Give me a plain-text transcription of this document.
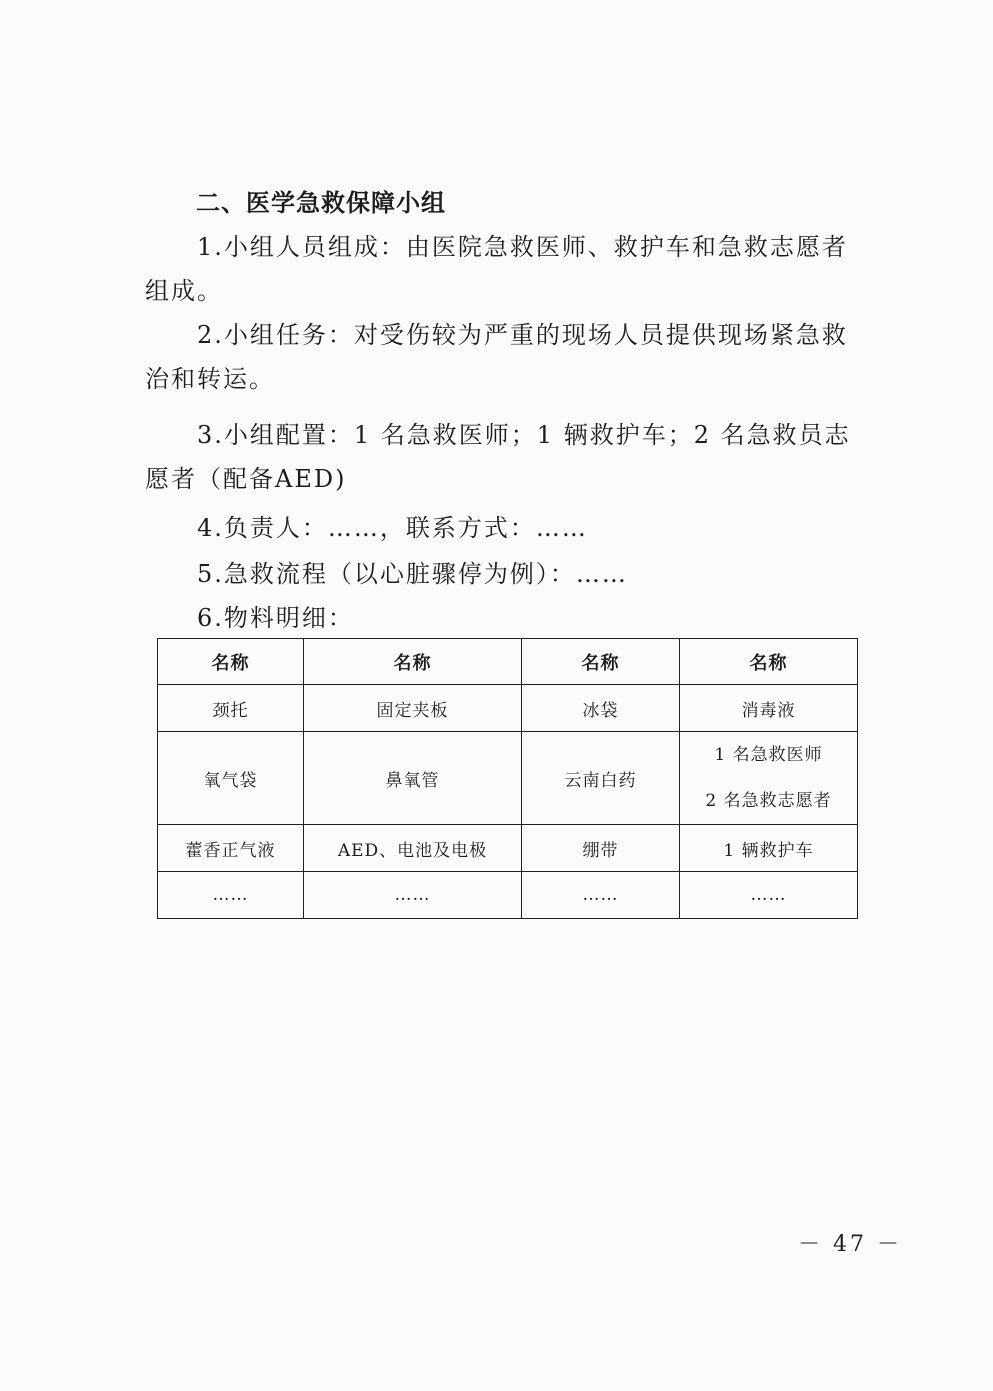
二、医学急救保障小组
1.小组人员组成：由医院急救医师、救护车和急救志愿者组成。
2.小组任务：对受伤较为严重的现场人员提供现场紧急救治和转运。
3.小组配置：1 名急救医师；1 辆救护车；2 名急救员志愿者（配备AED)
4.负责人：……，联系方式：……
5.急救流程（以心脏骤停为例）：……
6.物料明细：
名称	名称	名称	名称
颈托	固定夹板	冰袋	消毒液
氧气袋	鼻氧管	云南白药	1 名急救医师
2 名急救志愿者

藿香正气液	AED、电池及电极	绷带	1 辆救护车
……	……	……	……
－ 47 －
